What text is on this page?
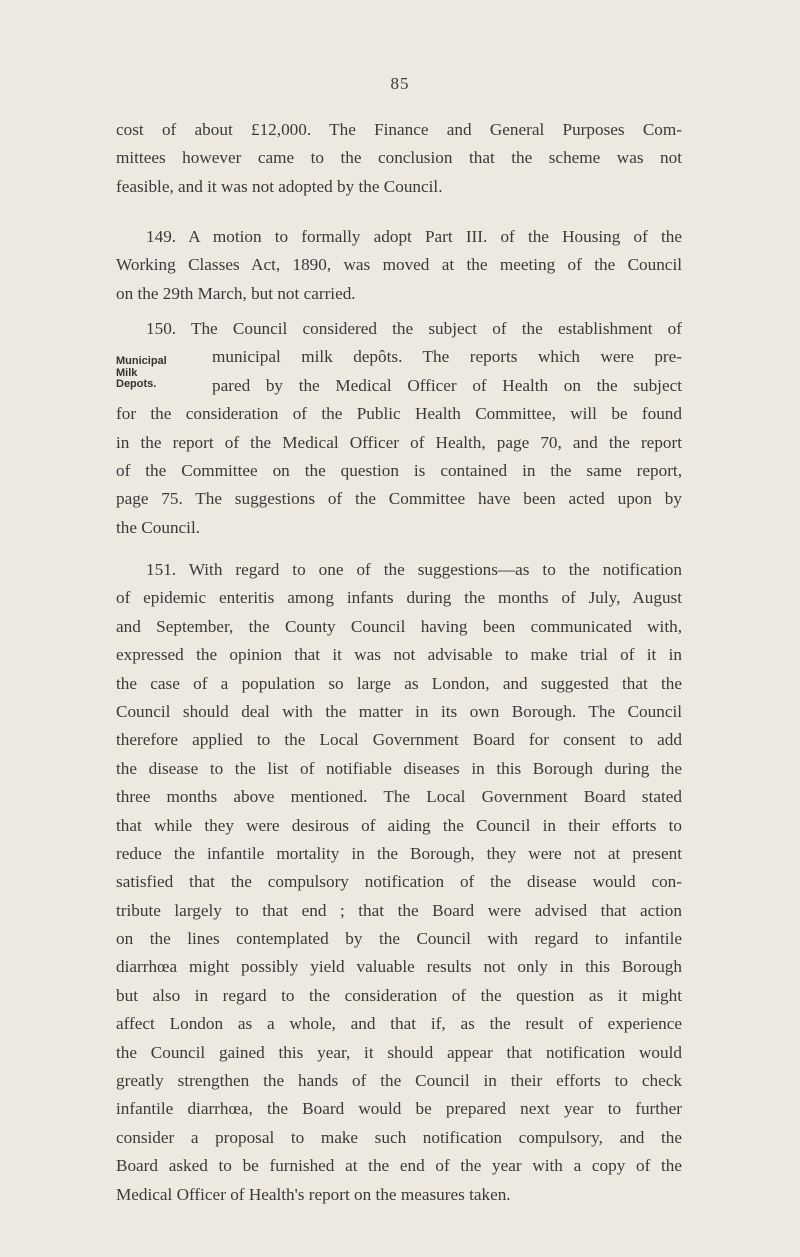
85
cost of about £12,000. The Finance and General Purposes Com-
mittees however came to the conclusion that the scheme was not
feasible, and it was not adopted by the Council.
149. A motion to formally adopt Part III. of the Housing of the
Working Classes Act, 1890, was moved at the meeting of the Council
on the 29th March, but not carried.
Municipal
Milk
Depots.
150. The Council considered the subject of the establishment of
municipal milk depôts. The reports which were pre-
pared by the Medical Officer of Health on the subject
for the consideration of the Public Health Committee, will be found
in the report of the Medical Officer of Health, page 70, and the report
of the Committee on the question is contained in the same report,
page 75. The suggestions of the Committee have been acted upon by
the Council.
151. With regard to one of the suggestions—as to the notification
of epidemic enteritis among infants during the months of July, August
and September, the County Council having been communicated with,
expressed the opinion that it was not advisable to make trial of it in
the case of a population so large as London, and suggested that the
Council should deal with the matter in its own Borough. The Council
therefore applied to the Local Government Board for consent to add
the disease to the list of notifiable diseases in this Borough during the
three months above mentioned. The Local Government Board stated
that while they were desirous of aiding the Council in their efforts to
reduce the infantile mortality in the Borough, they were not at present
satisfied that the compulsory notification of the disease would con-
tribute largely to that end ; that the Board were advised that action
on the lines contemplated by the Council with regard to infantile
diarrhœa might possibly yield valuable results not only in this Borough
but also in regard to the consideration of the question as it might
affect London as a whole, and that if, as the result of experience
the Council gained this year, it should appear that notification would
greatly strengthen the hands of the Council in their efforts to check
infantile diarrhœa, the Board would be prepared next year to further
consider a proposal to make such notification compulsory, and the
Board asked to be furnished at the end of the year with a copy of the
Medical Officer of Health's report on the measures taken.
